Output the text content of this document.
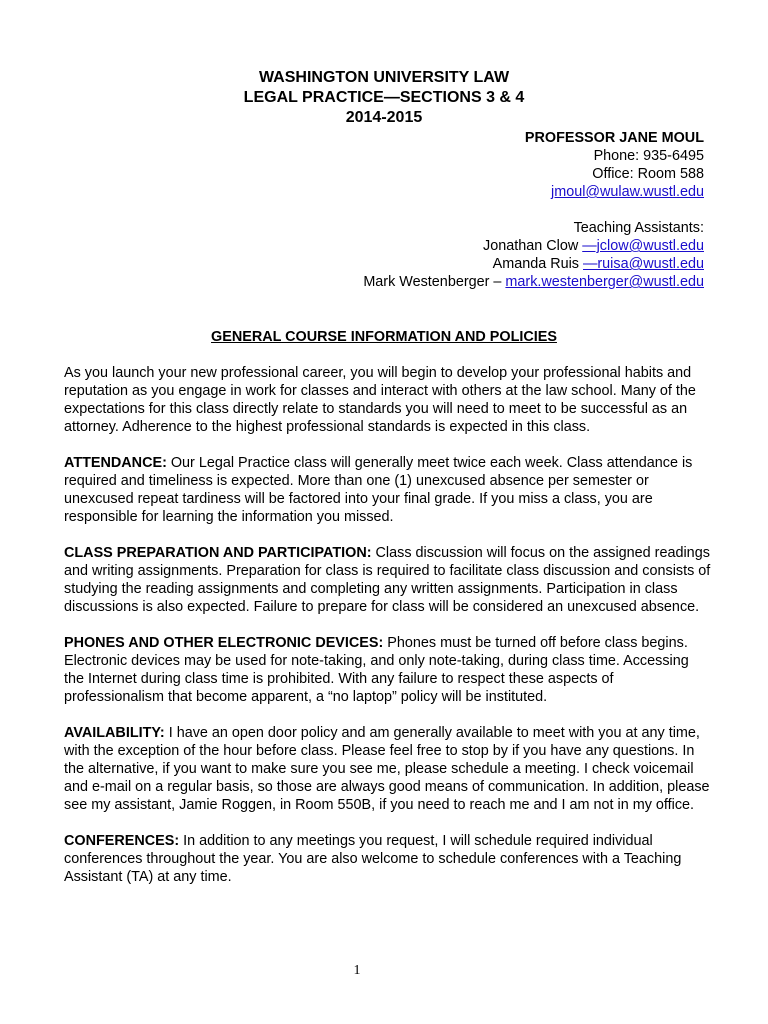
WASHINGTON UNIVERSITY LAW
LEGAL PRACTICE—SECTIONS 3 & 4
2014-2015
PROFESSOR JANE MOUL
Phone: 935-6495
Office: Room 588
jmoul@wulaw.wustl.edu
Teaching Assistants:
Jonathan Clow —jclow@wustl.edu
Amanda Ruis —ruisa@wustl.edu
Mark Westenberger – mark.westenberger@wustl.edu
GENERAL COURSE INFORMATION AND POLICIES

As you launch your new professional career, you will begin to develop your professional habits and reputation as you engage in work for classes and interact with others at the law school. Many of the expectations for this class directly relate to standards you will need to meet to be successful as an attorney. Adherence to the highest professional standards is expected in this class.

ATTENDANCE: Our Legal Practice class will generally meet twice each week. Class attendance is required and timeliness is expected. More than one (1) unexcused absence per semester or unexcused repeat tardiness will be factored into your final grade. If you miss a class, you are responsible for learning the information you missed.

CLASS PREPARATION AND PARTICIPATION: Class discussion will focus on the assigned readings and writing assignments. Preparation for class is required to facilitate class discussion and consists of studying the reading assignments and completing any written assignments. Participation in class discussions is also expected. Failure to prepare for class will be considered an unexcused absence.

PHONES AND OTHER ELECTRONIC DEVICES: Phones must be turned off before class begins. Electronic devices may be used for note-taking, and only note-taking, during class time. Accessing the Internet during class time is prohibited. With any failure to respect these aspects of professionalism that become apparent, a “no laptop” policy will be instituted.

AVAILABILITY: I have an open door policy and am generally available to meet with you at any time, with the exception of the hour before class. Please feel free to stop by if you have any questions. In the alternative, if you want to make sure you see me, please schedule a meeting. I check voicemail and e-mail on a regular basis, so those are always good means of communication. In addition, please see my assistant, Jamie Roggen, in Room 550B, if you need to reach me and I am not in my office.

CONFERENCES: In addition to any meetings you request, I will schedule required individual conferences throughout the year. You are also welcome to schedule conferences with a Teaching Assistant (TA) at any time.

1
